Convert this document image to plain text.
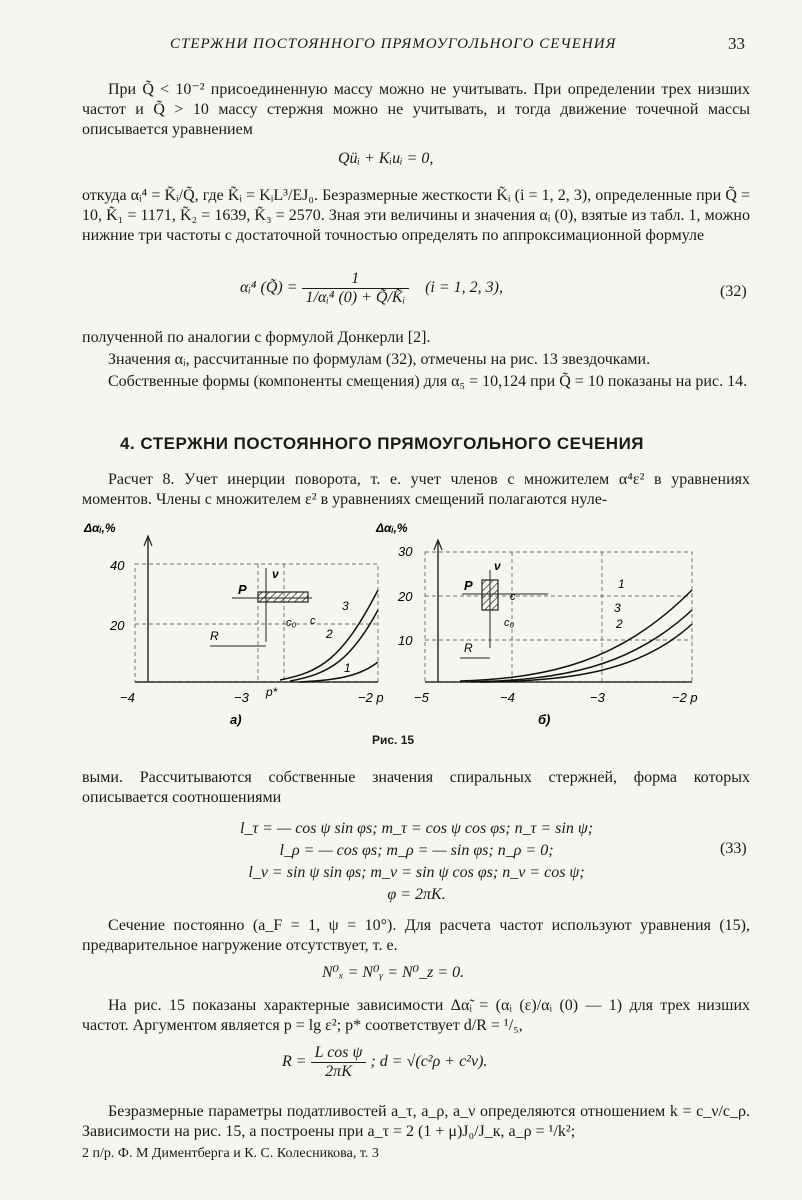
СТЕРЖНИ ПОСТОЯННОГО ПРЯМОУГОЛЬНОГО СЕЧЕНИЯ	33
При Q̃ < 10⁻² присоединенную массу можно не учитывать. При определении трех низших частот и Q̃ > 10 массу стержня можно не учитывать, и тогда движение точечной массы описывается уравнением
Qüᵢ + Kᵢuᵢ = 0,
откуда αᵢ⁴ = K̃ᵢ/Q̃, где K̃ᵢ = KᵢL³/EJ₀. Безразмерные жесткости K̃ᵢ (i = 1, 2, 3), определенные при Q̃ = 10, K̃₁ = 1171, K̃₂ = 1639, K̃₃ = 2570. Зная эти величины и значения αᵢ (0), взятые из табл. 1, можно нижние три частоты с достаточной точностью определять по аппроксимационной формуле
αᵢ⁴ (Q̃) = $\frac{1}{\text{1/αᵢ⁴ (0) + Q̃/K̃ᵢ}} (i = 1$, 2, 3),	(32)
полученной по аналогии с формулой Донкерли [2].
Значения αᵢ, рассчитанные по формулам (32), отмечены на рис. 13 звездочками.
Собственные формы (компоненты смещения) для α₅ = 10,124 при Q̃ = 10 показаны на рис. 14.
4. СТЕРЖНИ ПОСТОЯННОГО ПРЯМОУГОЛЬНОГО СЕЧЕНИЯ
Расчет 8. Учет инерции поворота, т. е. учет членов с множителем α⁴ε² в уравнениях моментов. Члены с множителем ε² в уравнениях смещений полагаются нуле-
Δαᵢ,%
40
20
−4	−3 p*	−2 p
а)
P
ν
R
c₀ c
3
2
1
Δαᵢ,%
30
20
10
−5	−4	−3	−2 p
б)
P
ν
R
c₀
c
1
3
2
Рис. 15
выми. Рассчитываются собственные значения спиральных стержней, форма которых описывается соотношениями
l_τ = — cos ψ sin φs; m_τ = cos ψ cos φs; n_τ = sin ψ;
l_ρ = — cos φs; m_ρ = — sin φs; n_ρ = 0;
l_ν = sin ψ sin φs; m_ν = sin ψ cos φs; n_ν = cos ψ;
φ = 2πK.
(33)
Сечение постоянно (a_F = 1, ψ = 10°). Для расчета частот используют уравнения (15), предварительное нагружение отсутствует, т. е.
N⁰ₓ = N⁰ᵧ = N⁰_z = 0.
На рис. 15 показаны характерные зависимости Δα̃ᵢ = (αᵢ (ε)/αᵢ (0) — 1) для трех низших частот. Аргументом является p = lg ε²; p* соответствует d/R = ¹/₅,
$R = \frac{\text{L cos ψ}}{2\pi K}$ ; d = √(c²ρ + c²ν).
Безразмерные параметры податливостей a_τ, a_ρ, a_ν определяются отношением k = c_ν/c_ρ. Зависимости на рис. 15, а построены при a_τ = 2 (1 + μ)J₀/J_к, a_ρ = ¹/k²;
2 п/р. Ф. М Диментберга и К. С. Колесникова, т. 3
